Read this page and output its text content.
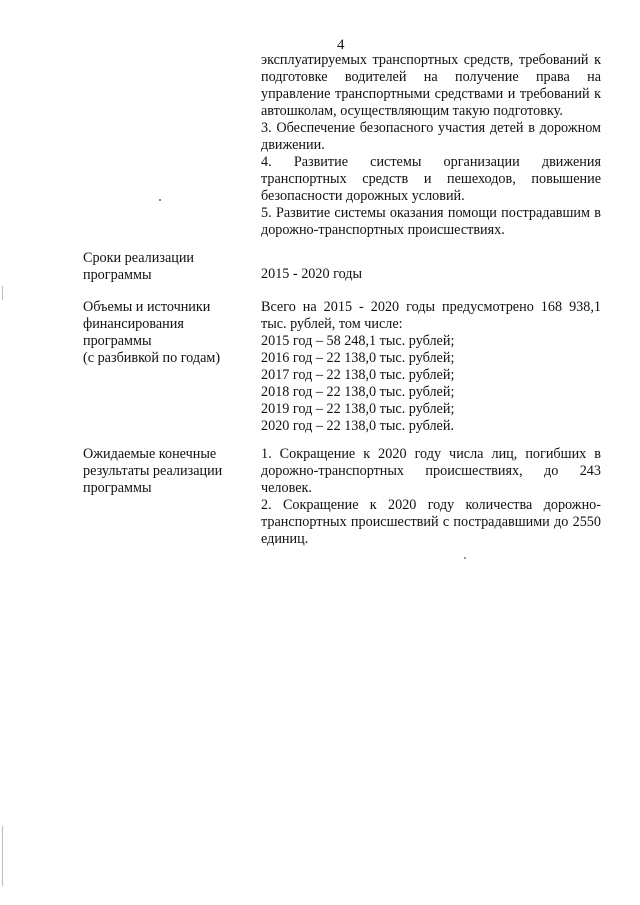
4
эксплуатируемых транспортных средств, требований к
подготовке водителей на получение права на
управление транспортными средствами и требований к
автошколам, осуществляющим такую подготовку.
3. Обеспечение безопасного участия детей в дорожном
движении.
4. Развитие системы организации движения
транспортных средств и пешеходов, повышение
безопасности дорожных условий.
5. Развитие системы оказания помощи пострадавшим в
дорожно-транспортных происшествиях.
Сроки реализации
программы	2015 - 2020 годы
Объемы и источники
финансирования
программы
(с разбивкой по годам)
Всего на 2015 - 2020 годы предусмотрено 168 938,1
тыс. рублей, том числе:
2015 год – 58 248,1 тыс. рублей;
2016 год – 22 138,0 тыс. рублей;
2017 год – 22 138,0 тыс. рублей;
2018 год – 22 138,0 тыс. рублей;
2019 год – 22 138,0 тыс. рублей;
2020 год – 22 138,0 тыс. рублей.
Ожидаемые конечные
результаты реализации
программы
1. Сокращение к 2020 году числа лиц, погибших в
дорожно-транспортных происшествиях, до 243
человек.
2. Сокращение к 2020 году количества дорожно-
транспортных происшествий с пострадавшими до 2550
единиц.
